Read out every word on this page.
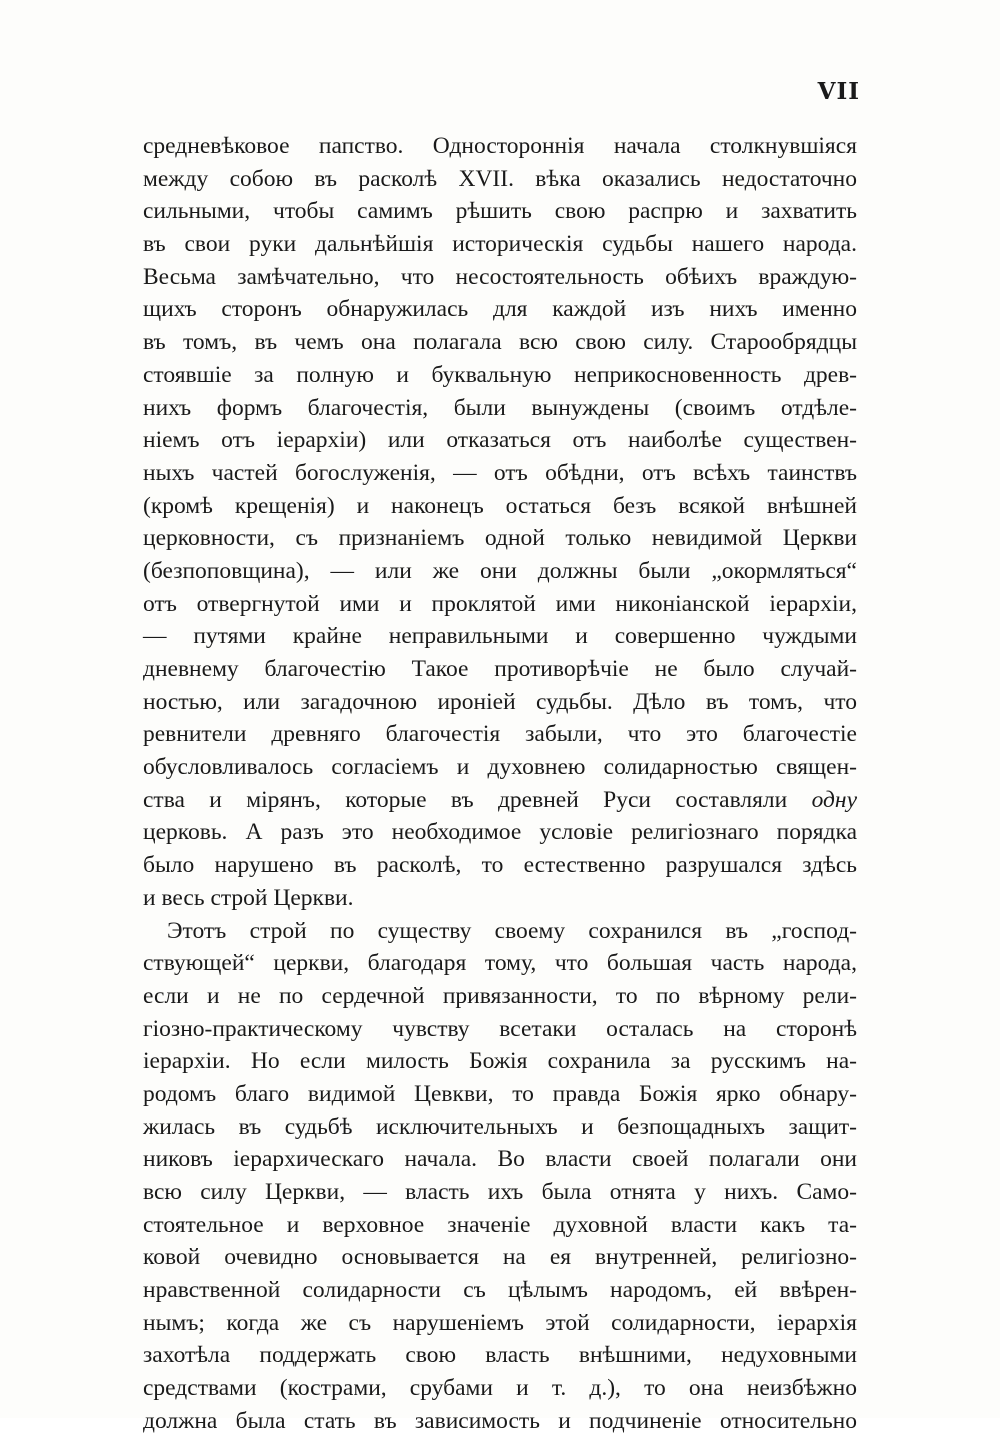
VII
средневѣковое папство. Одностороннія начала столкнувшіяся
между собою въ расколѣ XVII. вѣка оказались недостаточно
сильными, чтобы самимъ рѣшить свою распрю и захватить
въ свои руки дальнѣйшія историческія судьбы нашего народа.
Весьма замѣчательно, что несостоятельность обѣихъ враждую-
щихъ сторонъ обнаружилась для каждой изъ нихъ именно
въ томъ, въ чемъ она полагала всю свою силу. Старообрядцы
стоявшіе за полную и буквальную неприкосновенность древ-
нихъ формъ благочестія, были вынуждены (своимъ отдѣле-
ніемъ отъ іерархіи) или отказаться отъ наиболѣе существен-
ныхъ частей богослуженія, — отъ обѣдни, отъ всѣхъ таинствъ
(кромѣ крещенія) и наконецъ остаться безъ всякой внѣшней
церковности, съ признаніемъ одной только невидимой Церкви
(безпоповщина), — или же они должны были „окормляться“
отъ отвергнутой ими и проклятой ими никоніанской іерархіи,
— путями крайне неправильными и совершенно чуждыми
дневнему благочестію Такое противорѣчіе не было случай-
ностью, или загадочною ироніей судьбы. Дѣло въ томъ, что
ревнители древняго благочестія забыли, что это благочестіе
обусловливалось согласіемъ и духовнею солидарностью священ-
ства и мірянъ, которые въ древней Руси составляли одну
церковь. А разъ это необходимое условіе религіознаго порядка
было нарушено въ расколѣ, то естественно разрушался здѣсь
и весь строй Церкви.
Этотъ строй по существу своему сохранился въ „господ-
ствующей“ церкви, благодаря тому, что большая часть народа,
если и не по сердечной привязанности, то по вѣрному рели-
гіозно-практическому чувству всетаки осталась на сторонѣ
іерархіи. Но если милость Божія сохранила за русскимъ на-
родомъ благо видимой Цевкви, то правда Божія ярко обнару-
жилась въ судьбѣ исключительныхъ и безпощадныхъ защит-
никовъ іерархическаго начала. Во власти своей полагали они
всю силу Церкви, — власть ихъ была отнята у нихъ. Само-
стоятельное и верховное значеніе духовной власти какъ та-
ковой очевидно основывается на ея внутренней, религіозно-
нравственной солидарности съ цѣлымъ народомъ, ей ввѣрен-
нымъ; когда же съ нарушеніемъ этой солидарности, іерархія
захотѣла поддержать свою власть внѣшними, недуховными
средствами (кострами, срубами и т. д.), то она неизбѣжно
должна была стать въ зависимость и подчиненіе относительно
